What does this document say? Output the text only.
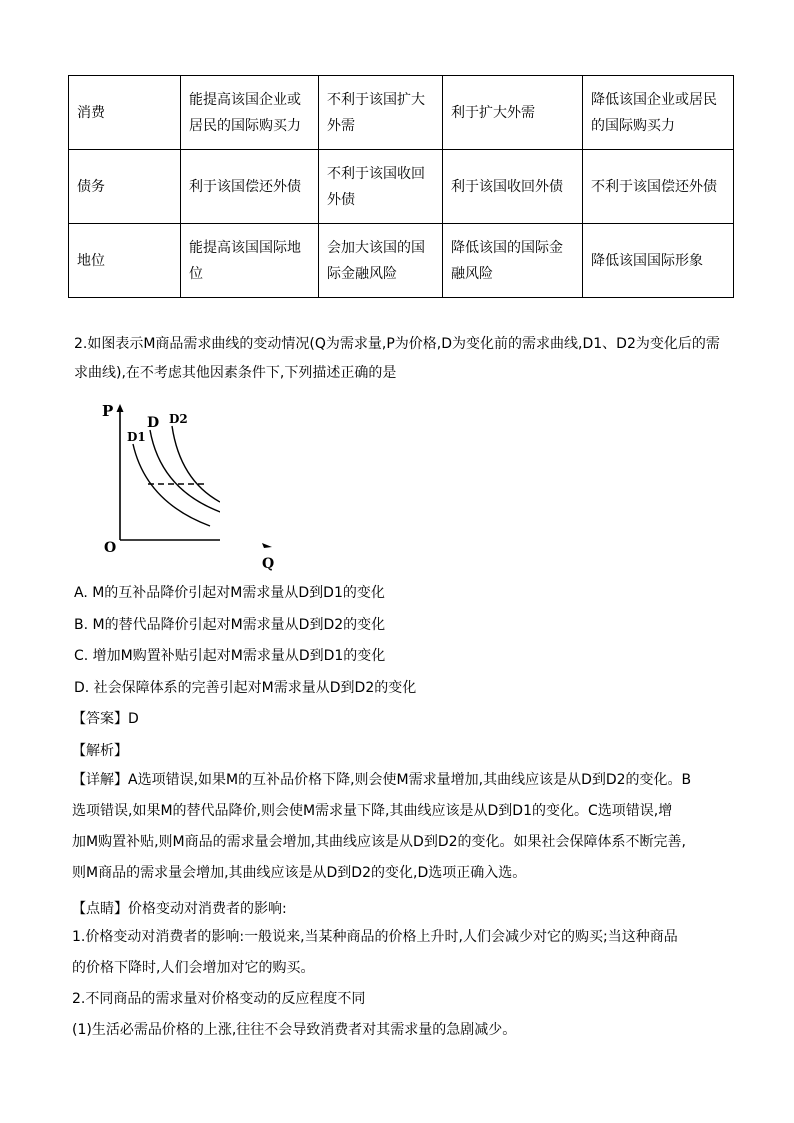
消费	能提高该国企业或居民的国际购买力	不利于该国扩大外需	利于扩大外需	降低该国企业或居民的国际购买力
债务	利于该国偿还外债	不利于该国收回外债	利于该国收回外债	不利于该国偿还外债
地位	能提高该国国际地位	会加大该国的国际金融风险	降低该国的国际金融风险	降低该国国际形象
2.如图表示M商品需求曲线的变动情况(Q为需求量,P为价格,D为变化前的需求曲线,D1、D2为变化后的需
求曲线),在不考虑其他因素条件下,下列描述正确的是
P
O
D1
D D2
Q
A. M的互补品降价引起对M需求量从D到D1的变化
B. M的替代品降价引起对M需求量从D到D2的变化
C. 增加M购置补贴引起对M需求量从D到D1的变化
D. 社会保障体系的完善引起对M需求量从D到D2的变化
【答案】D
【解析】
【详解】A选项错误,如果M的互补品价格下降,则会使M需求量增加,其曲线应该是从D到D2的变化。B
选项错误,如果M的替代品降价,则会使M需求量下降,其曲线应该是从D到D1的变化。C选项错误,增
加M购置补贴,则M商品的需求量会增加,其曲线应该是从D到D2的变化。如果社会保障体系不断完善,
则M商品的需求量会增加,其曲线应该是从D到D2的变化,D选项正确入选。
【点睛】价格变动对消费者的影响:
1.价格变动对消费者的影响:一般说来,当某种商品的价格上升时,人们会减少对它的购买;当这种商品
的价格下降时,人们会增加对它的购买。
2.不同商品的需求量对价格变动的反应程度不同
(1)生活必需品价格的上涨,往往不会导致消费者对其需求量的急剧减少。
